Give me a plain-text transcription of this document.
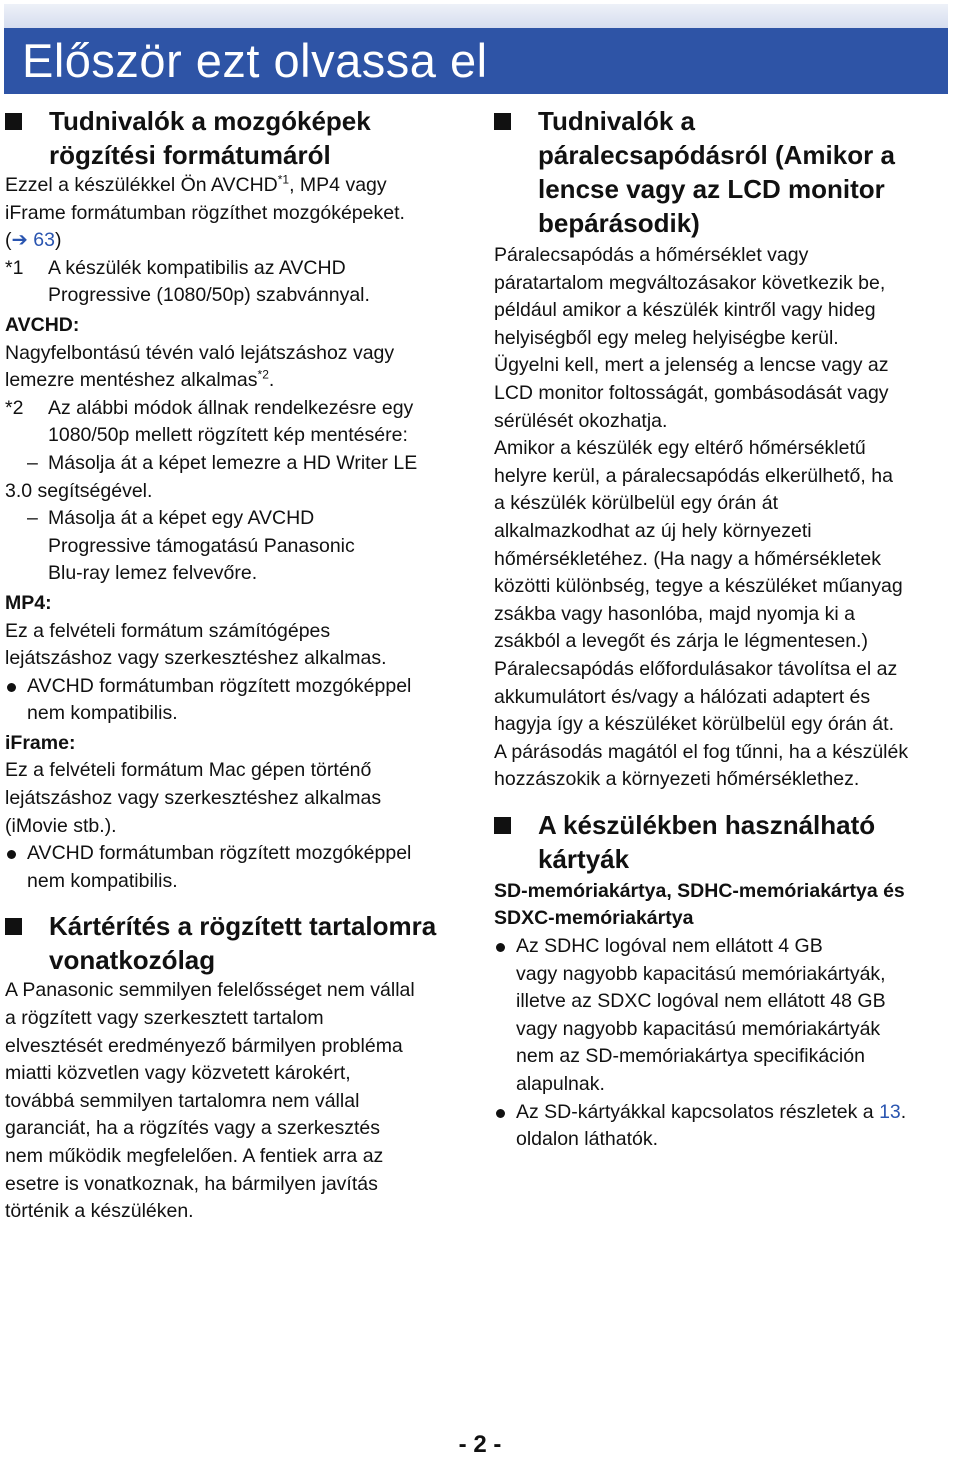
Először ezt olvassa el
Tudnivalók a mozgóképek
rögzítési formátumáról
Ezzel a készülékkel Ön AVCHD$^{*1}$, MP4 vagy
iFrame formátumban rögzíthet mozgóképeket.
(➔ 63)
*1 A készülék kompatibilis az AVCHD
Progressive (1080/50p) szabvánnyal.
AVCHD:
Nagyfelbontású tévén való lejátszáshoz vagy
lemezre mentéshez alkalmas$^{*2}$.
*2 Az alábbi módok állnak rendelkezésre egy
1080/50p mellett rögzített kép mentésére:
– Másolja át a képet lemezre a HD Writer LE
3.0 segítségével.
– Másolja át a képet egy AVCHD
Progressive támogatású Panasonic
Blu-ray lemez felvevőre.
MP4:
Ez a felvételi formátum számítógépes
lejátszáshoz vagy szerkesztéshez alkalmas.
AVCHD formátumban rögzített mozgóképpel
nem kompatibilis.
iFrame:
Ez a felvételi formátum Mac gépen történő
lejátszáshoz vagy szerkesztéshez alkalmas
(iMovie stb.).
AVCHD formátumban rögzített mozgóképpel
nem kompatibilis.
Kártérítés a rögzített tartalomra
vonatkozólag
A Panasonic semmilyen felelősséget nem vállal
a rögzített vagy szerkesztett tartalom
elvesztését eredményező bármilyen probléma
miatti közvetlen vagy közvetett károkért,
továbbá semmilyen tartalomra nem vállal
garanciát, ha a rögzítés vagy a szerkesztés
nem működik megfelelően. A fentiek arra az
esetre is vonatkoznak, ha bármilyen javítás
történik a készüléken.
Tudnivalók a
páralecsapódásról (Amikor a
lencse vagy az LCD monitor
bepárásodik)
Páralecsapódás a hőmérséklet vagy
páratartalom megváltozásakor következik be,
például amikor a készülék kintről vagy hideg
helyiségből egy meleg helyiségbe kerül.
Ügyelni kell, mert a jelenség a lencse vagy az
LCD monitor foltosságát, gombásodását vagy
sérülését okozhatja.
Amikor a készülék egy eltérő hőmérsékletű
helyre kerül, a páralecsapódás elkerülhető, ha
a készülék körülbelül egy órán át
alkalmazkodhat az új hely környezeti
hőmérsékletéhez. (Ha nagy a hőmérsékletek
közötti különbség, tegye a készüléket műanyag
zsákba vagy hasonlóba, majd nyomja ki a
zsákból a levegőt és zárja le légmentesen.)
Páralecsapódás előfordulásakor távolítsa el az
akkumulátort és/vagy a hálózati adaptert és
hagyja így a készüléket körülbelül egy órán át.
A párásodás magától el fog tűnni, ha a készülék
hozzászokik a környezeti hőmérséklethez.
A készülékben használható
kártyák
SD-memóriakártya, SDHC-memóriakártya és
SDXC-memóriakártya
Az SDHC logóval nem ellátott 4 GB
vagy nagyobb kapacitású memóriakártyák,
illetve az SDXC logóval nem ellátott 48 GB
vagy nagyobb kapacitású memóriakártyák
nem az SD-memóriakártya specifikáción
alapulnak.
Az SD-kártyákkal kapcsolatos részletek a 13.
oldalon láthatók.
- 2 -
